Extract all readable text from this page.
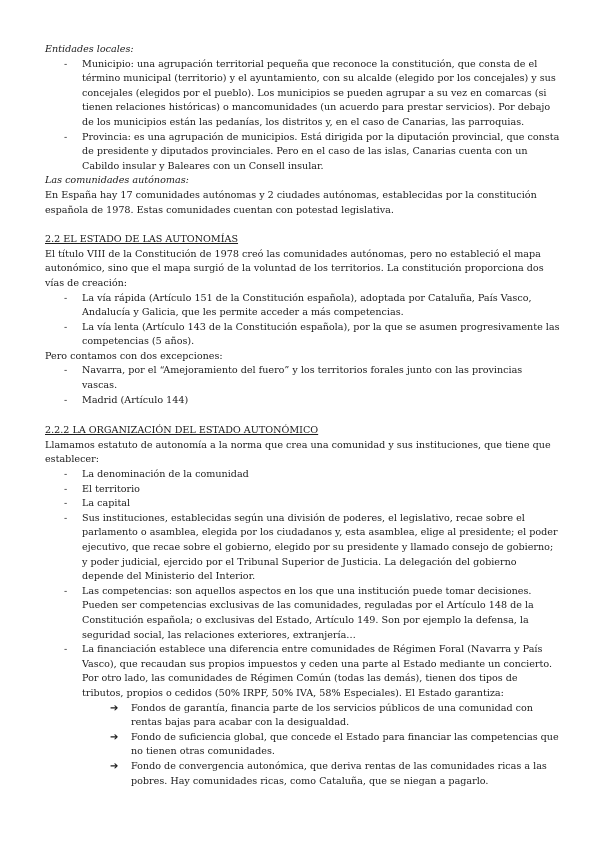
Entidades locales:

- Municipio: una agrupación territorial pequeña que reconoce la constitución, que consta de el término municipal (territorio) y el ayuntamiento, con su alcalde (elegido por los concejales) y sus concejales (elegidos por el pueblo). Los municipios se pueden agrupar a su vez en comarcas (si tienen relaciones históricas) o mancomunidades (un acuerdo para prestar servicios). Por debajo de los municipios están las pedanías, los distritos y, en el caso de Canarias, las parroquias.
- Provincia: es una agrupación de municipios. Está dirigida por la diputación provincial, que consta de presidente y diputados provinciales. Pero en el caso de las islas, Canarias cuenta con un Cabildo insular y Baleares con un Consell insular.

Las comunidades autónomas:

En España hay 17 comunidades autónomas y 2 ciudades autónomas, establecidas por la constitución española de 1978. Estas comunidades cuentan con potestad legislativa.

2.2 EL ESTADO DE LAS AUTONOMÍAS

El título VIII de la Constitución de 1978 creó las comunidades autónomas, pero no estableció el mapa autonómico, sino que el mapa surgió de la voluntad de los territorios. La constitución proporciona dos vías de creación:

- La vía rápida (Artículo 151 de la Constitución española), adoptada por Cataluña, País Vasco, Andalucía y Galicia, que les permite acceder a más competencias.
- La vía lenta (Artículo 143 de la Constitución española), por la que se asumen progresivamente las competencias (5 años).

Pero contamos con dos excepciones:

- Navarra, por el “Amejoramiento del fuero” y los territorios forales junto con las provincias vascas.
- Madrid (Artículo 144)

2.2.2 LA ORGANIZACIÓN DEL ESTADO AUTONÓMICO

Llamamos estatuto de autonomía a la norma que crea una comunidad y sus instituciones, que tiene que establecer:

- La denominación de la comunidad
- El territorio
- La capital
- Sus instituciones, establecidas según una división de poderes, el legislativo, recae sobre el parlamento o asamblea, elegida por los ciudadanos y, esta asamblea, elige al presidente; el poder ejecutivo, que recae sobre el gobierno, elegido por su presidente y llamado consejo de gobierno; y poder judicial, ejercido por el Tribunal Superior de Justicia. La delegación del gobierno depende del Ministerio del Interior.
- Las competencias: son aquellos aspectos en los que una institución puede tomar decisiones. Pueden ser competencias exclusivas de las comunidades, reguladas por el Artículo 148 de la Constitución española; o exclusivas del Estado, Artículo 149. Son por ejemplo la defensa, la seguridad social, las relaciones exteriores, extranjería…
- La financiación establece una diferencia entre comunidades de Régimen Foral (Navarra y País Vasco), que recaudan sus propios impuestos y ceden una parte al Estado mediante un concierto. Por otro lado, las comunidades de Régimen Común (todas las demás), tienen dos tipos de tributos, propios o cedidos (50% IRPF, 50% IVA, 58% Especiales). El Estado garantiza:
➔ Fondos de garantía, financia parte de los servicios públicos de una comunidad con rentas bajas para acabar con la desigualdad.
➔ Fondo de suficiencia global, que concede el Estado para financiar las competencias que no tienen otras comunidades.
➔ Fondo de convergencia autonómica, que deriva rentas de las comunidades ricas a las pobres. Hay comunidades ricas, como Cataluña, que se niegan a pagarlo.
